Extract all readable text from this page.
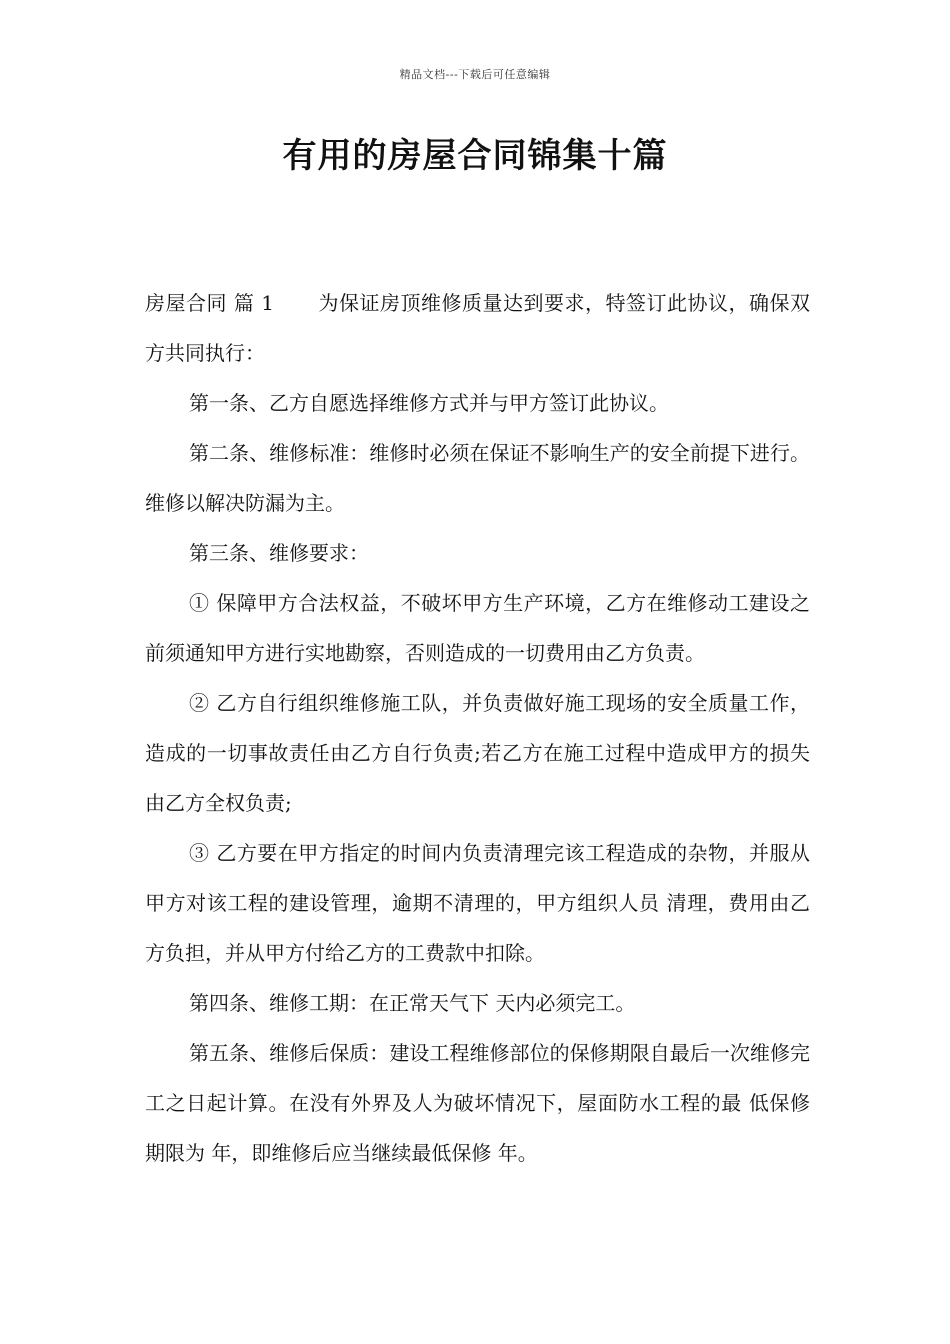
精品文档---下载后可任意编辑
有用的房屋合同锦集十篇

房屋合同 篇 1 为保证房顶维修质量达到要求，特签订此协议，确保双方共同执行：

第一条、乙方自愿选择维修方式并与甲方签订此协议。

第二条、维修标准：维修时必须在保证不影响生产的安全前提下进行。维修以解决防漏为主。

第三条、维修要求：

① 保障甲方合法权益，不破坏甲方生产环境，乙方在维修动工建设之前须通知甲方进行实地勘察，否则造成的一切费用由乙方负责。

② 乙方自行组织维修施工队，并负责做好施工现场的安全质量工作，造成的一切事故责任由乙方自行负责;若乙方在施工过程中造成甲方的损失由乙方全权负责;

③ 乙方要在甲方指定的时间内负责清理完该工程造成的杂物，并服从甲方对该工程的建设管理，逾期不清理的，甲方组织人员 清理，费用由乙方负担，并从甲方付给乙方的工费款中扣除。

第四条、维修工期：在正常天气下 天内必须完工。

第五条、维修后保质：建设工程维修部位的保修期限自最后一次维修完工之日起计算。在没有外界及人为破坏情况下，屋面防水工程的最 低保修期限为 年，即维修后应当继续最低保修 年。
